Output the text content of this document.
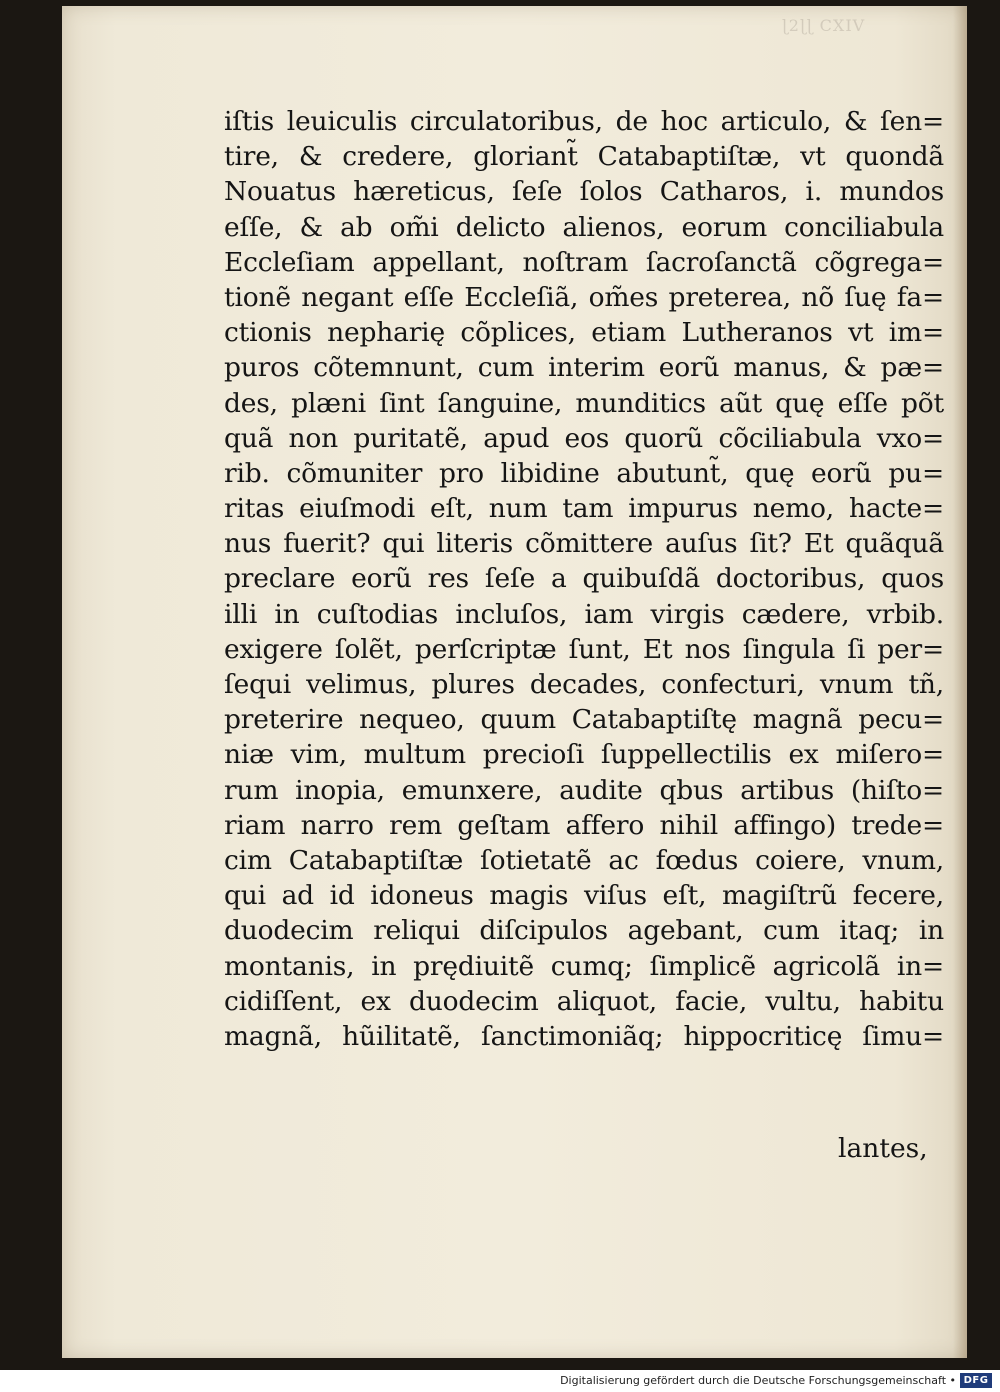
ɭ2ɭɭ CXIV
iſtis leuiculis circulatoribus, de hoc articulo, & ſen=
tire, & credere, gloriant̃ Catabaptiſtæ, vt quondã
Nouatus hæreticus, ſeſe ſolos Catharos, i. mundos
eſſe, & ab om̃i delicto alienos, eorum conciliabula
Eccleſiam appellant, noſtram ſacroſanctã cõgrega=
tionẽ negant eſſe Eccleſiã, om̃es preterea, nõ ſuę fa=
ctionis nepharię cõplices, etiam Lutheranos vt im=
puros cõtemnunt, cum interim eorũ manus, & pæ=
des, plæni ſint ſanguine, munditics aũt quę eſſe põt
quã non puritatẽ, apud eos quorũ cõciliabula vxo=
rib. cõmuniter pro libidine abutunt̃, quę eorũ pu=
ritas eiuſmodi eſt, num tam impurus nemo, hacte=
nus fuerit? qui literis cõmittere auſus ſit? Et quãquã
preclare eorũ res ſeſe a quibuſdã doctoribus, quos
illi in cuſtodias incluſos, iam virgis cædere, vrbib.
exigere ſolẽt, perſcriptæ ſunt, Et nos ſingula ſi per=
ſequi velimus, plures decades, confecturi, vnum tñ,
preterire nequeo, quum Catabaptiſtę magnã pecu=
niæ vim, multum precioſi ſuppellectilis ex miſero=
rum inopia, emunxere, audite qbus artibus (hiſto=
riam narro rem geſtam affero nihil affingo) trede=
cim Catabaptiſtæ ſotietatẽ ac fœdus coiere, vnum,
qui ad id idoneus magis viſus eſt, magiſtrũ fecere,
duodecim reliqui diſcipulos agebant, cum itaq; in
montanis, in prędiuitẽ cumq; ſimplicẽ agricolã in=
cidiſſent, ex duodecim aliquot, facie, vultu, habitu
magnã, hũilitatẽ, ſanctimoniãq; hippocriticę ſimu=
lantes,
Digitalisierung gefördert durch die Deutsche Forschungsgemeinschaft • DFG
